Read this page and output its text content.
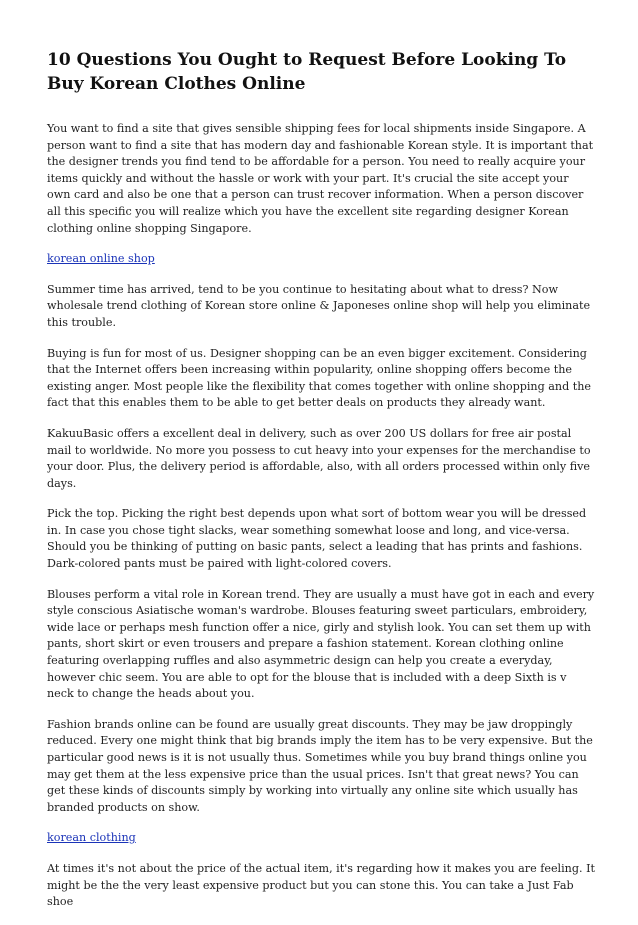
10 Questions You Ought to Request Before Looking To Buy Korean Clothes Online

You want to find a site that gives sensible shipping fees for local shipments inside Singapore. A person want to find a site that has modern day and fashionable Korean style. It is important that the designer trends you find tend to be affordable for a person. You need to really acquire your items quickly and without the hassle or work with your part. It's crucial the site accept your own card and also be one that a person can trust recover information. When a person discover all this specific you will realize which you have the excellent site regarding designer Korean clothing online shopping Singapore.

korean online shop

Summer time has arrived, tend to be you continue to hesitating about what to dress? Now wholesale trend clothing of Korean store online & Japoneses online shop will help you eliminate this trouble.

Buying is fun for most of us. Designer shopping can be an even bigger excitement. Considering that the Internet offers been increasing within popularity, online shopping offers become the existing anger. Most people like the flexibility that comes together with online shopping and the fact that this enables them to be able to get better deals on products they already want.

KakuuBasic offers a excellent deal in delivery, such as over 200 US dollars for free air postal mail to worldwide. No more you possess to cut heavy into your expenses for the merchandise to your door. Plus, the delivery period is affordable, also, with all orders processed within only five days.

Pick the top. Picking the right best depends upon what sort of bottom wear you will be dressed in. In case you chose tight slacks, wear something somewhat loose and long, and vice-versa. Should you be thinking of putting on basic pants, select a leading that has prints and fashions. Dark-colored pants must be paired with light-colored covers.

Blouses perform a vital role in Korean trend. They are usually a must have got in each and every style conscious Asiatische woman's wardrobe. Blouses featuring sweet particulars, embroidery, wide lace or perhaps mesh function offer a nice, girly and stylish look. You can set them up with pants, short skirt or even trousers and prepare a fashion statement. Korean clothing online featuring overlapping ruffles and also asymmetric design can help you create a everyday, however chic seem. You are able to opt for the blouse that is included with a deep Sixth is v neck to change the heads about you.

Fashion brands online can be found are usually great discounts. They may be jaw droppingly reduced. Every one might think that big brands imply the item has to be very expensive. But the particular good news is it is not usually thus. Sometimes while you buy brand things online you may get them at the less expensive price than the usual prices. Isn't that great news? You can get these kinds of discounts simply by working into virtually any online site which usually has branded products on show.

korean clothing

At times it's not about the price of the actual item, it's regarding how it makes you are feeling. It might be the the very least expensive product but you can stone this. You can take a Just Fab shoe
